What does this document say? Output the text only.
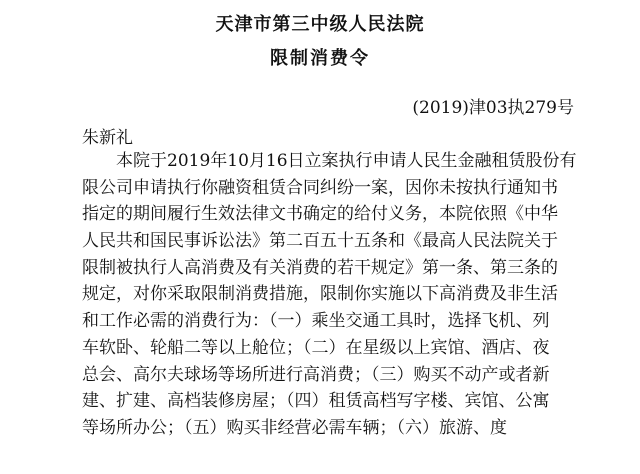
天津市第三中级人民法院
限制消费令
(2019)津03执279号
朱新礼
本院于2019年10月16日立案执行申请人民生金融租赁股份有
限公司申请执行你融资租赁合同纠纷一案，因你未按执行通知书
指定的期间履行生效法律文书确定的给付义务，本院依照《中华
人民共和国民事诉讼法》第二百五十五条和《最高人民法院关于
限制被执行人高消费及有关消费的若干规定》第一条、第三条的
规定，对你采取限制消费措施，限制你实施以下高消费及非生活
和工作必需的消费行为：（一）乘坐交通工具时，选择飞机、列
车软卧、轮船二等以上舱位；（二）在星级以上宾馆、酒店、夜
总会、高尔夫球场等场所进行高消费；（三）购买不动产或者新
建、扩建、高档装修房屋；（四）租赁高档写字楼、宾馆、公寓
等场所办公；（五）购买非经营必需车辆；（六）旅游、度
